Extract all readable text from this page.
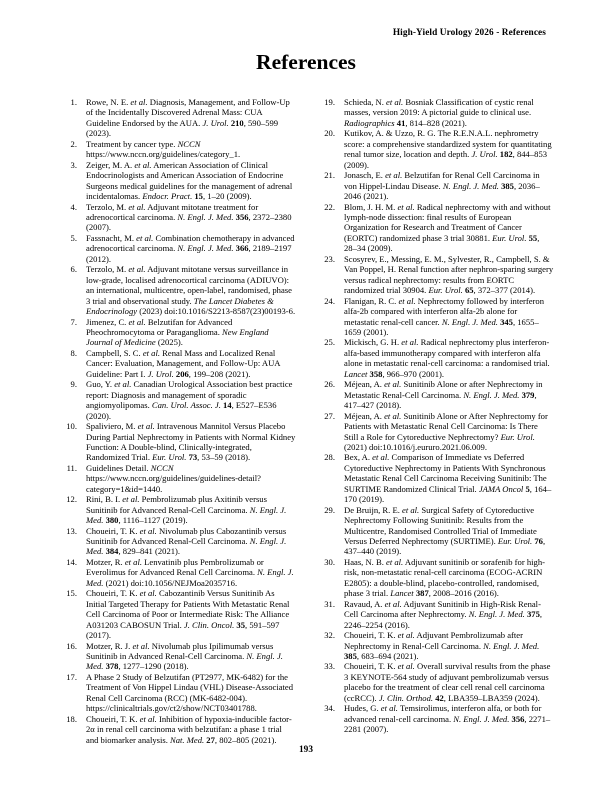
High-Yield Urology 2026 - References
References
1. Rowe, N. E. et al. Diagnosis, Management, and Follow-Up of the Incidentally Discovered Adrenal Mass: CUA Guideline Endorsed by the AUA. J. Urol. 210, 590–599 (2023).
2. Treatment by cancer type. NCCN https://www.nccn.org/guidelines/category_1.
3. Zeiger, M. A. et al. American Association of Clinical Endocrinologists and American Association of Endocrine Surgeons medical guidelines for the management of adrenal incidentalomas. Endocr. Pract. 15, 1–20 (2009).
4. Terzolo, M. et al. Adjuvant mitotane treatment for adrenocortical carcinoma. N. Engl. J. Med. 356, 2372–2380 (2007).
5. Fassnacht, M. et al. Combination chemotherapy in advanced adrenocortical carcinoma. N. Engl. J. Med. 366, 2189–2197 (2012).
6. Terzolo, M. et al. Adjuvant mitotane versus surveillance in low-grade, localised adrenocortical carcinoma (ADIUVO): an international, multicentre, open-label, randomised, phase 3 trial and observational study. The Lancet Diabetes & Endocrinology (2023) doi:10.1016/S2213-8587(23)00193-6.
7. Jimenez, C. et al. Belzutifan for Advanced Pheochromocytoma or Paraganglioma. New England Journal of Medicine (2025).
8. Campbell, S. C. et al. Renal Mass and Localized Renal Cancer: Evaluation, Management, and Follow-Up: AUA Guideline: Part I. J. Urol. 206, 199–208 (2021).
9. Guo, Y. et al. Canadian Urological Association best practice report: Diagnosis and management of sporadic angiomyolipomas. Can. Urol. Assoc. J. 14, E527–E536 (2020).
10. Spaliviero, M. et al. Intravenous Mannitol Versus Placebo During Partial Nephrectomy in Patients with Normal Kidney Function: A Double-blind, Clinically-integrated, Randomized Trial. Eur. Urol. 73, 53–59 (2018).
11. Guidelines Detail. NCCN https://www.nccn.org/guidelines/guidelines-detail?category=1&id=1440.
12. Rini, B. I. et al. Pembrolizumab plus Axitinib versus Sunitinib for Advanced Renal-Cell Carcinoma. N. Engl. J. Med. 380, 1116–1127 (2019).
13. Choueiri, T. K. et al. Nivolumab plus Cabozantinib versus Sunitinib for Advanced Renal-Cell Carcinoma. N. Engl. J. Med. 384, 829–841 (2021).
14. Motzer, R. et al. Lenvatinib plus Pembrolizumab or Everolimus for Advanced Renal Cell Carcinoma. N. Engl. J. Med. (2021) doi:10.1056/NEJMoa2035716.
15. Choueiri, T. K. et al. Cabozantinib Versus Sunitinib As Initial Targeted Therapy for Patients With Metastatic Renal Cell Carcinoma of Poor or Intermediate Risk: The Alliance A031203 CABOSUN Trial. J. Clin. Oncol. 35, 591–597 (2017).
16. Motzer, R. J. et al. Nivolumab plus Ipilimumab versus Sunitinib in Advanced Renal-Cell Carcinoma. N. Engl. J. Med. 378, 1277–1290 (2018).
17. A Phase 2 Study of Belzutifan (PT2977, MK-6482) for the Treatment of Von Hippel Lindau (VHL) Disease-Associated Renal Cell Carcinoma (RCC) (MK-6482-004). https://clinicaltrials.gov/ct2/show/NCT03401788.
18. Choueiri, T. K. et al. Inhibition of hypoxia-inducible factor-2α in renal cell carcinoma with belzutifan: a phase 1 trial and biomarker analysis. Nat. Med. 27, 802–805 (2021).
19. Schieda, N. et al. Bosniak Classification of cystic renal masses, version 2019: A pictorial guide to clinical use. Radiographics 41, 814–828 (2021).
20. Kutikov, A. & Uzzo, R. G. The R.E.N.A.L. nephrometry score: a comprehensive standardized system for quantitating renal tumor size, location and depth. J. Urol. 182, 844–853 (2009).
21. Jonasch, E. et al. Belzutifan for Renal Cell Carcinoma in von Hippel-Lindau Disease. N. Engl. J. Med. 385, 2036–2046 (2021).
22. Blom, J. H. M. et al. Radical nephrectomy with and without lymph-node dissection: final results of European Organization for Research and Treatment of Cancer (EORTC) randomized phase 3 trial 30881. Eur. Urol. 55, 28–34 (2009).
23. Scosyrev, E., Messing, E. M., Sylvester, R., Campbell, S. & Van Poppel, H. Renal function after nephron-sparing surgery versus radical nephrectomy: results from EORTC randomized trial 30904. Eur. Urol. 65, 372–377 (2014).
24. Flanigan, R. C. et al. Nephrectomy followed by interferon alfa-2b compared with interferon alfa-2b alone for metastatic renal-cell cancer. N. Engl. J. Med. 345, 1655–1659 (2001).
25. Mickisch, G. H. et al. Radical nephrectomy plus interferon-alfa-based immunotherapy compared with interferon alfa alone in metastatic renal-cell carcinoma: a randomised trial. Lancet 358, 966–970 (2001).
26. Méjean, A. et al. Sunitinib Alone or after Nephrectomy in Metastatic Renal-Cell Carcinoma. N. Engl. J. Med. 379, 417–427 (2018).
27. Méjean, A. et al. Sunitinib Alone or After Nephrectomy for Patients with Metastatic Renal Cell Carcinoma: Is There Still a Role for Cytoreductive Nephrectomy? Eur. Urol. (2021) doi:10.1016/j.eururo.2021.06.009.
28. Bex, A. et al. Comparison of Immediate vs Deferred Cytoreductive Nephrectomy in Patients With Synchronous Metastatic Renal Cell Carcinoma Receiving Sunitinib: The SURTIME Randomized Clinical Trial. JAMA Oncol 5, 164–170 (2019).
29. De Bruijn, R. E. et al. Surgical Safety of Cytoreductive Nephrectomy Following Sunitinib: Results from the Multicentre, Randomised Controlled Trial of Immediate Versus Deferred Nephrectomy (SURTIME). Eur. Urol. 76, 437–440 (2019).
30. Haas, N. B. et al. Adjuvant sunitinib or sorafenib for high-risk, non-metastatic renal-cell carcinoma (ECOG-ACRIN E2805): a double-blind, placebo-controlled, randomised, phase 3 trial. Lancet 387, 2008–2016 (2016).
31. Ravaud, A. et al. Adjuvant Sunitinib in High-Risk Renal-Cell Carcinoma after Nephrectomy. N. Engl. J. Med. 375, 2246–2254 (2016).
32. Choueiri, T. K. et al. Adjuvant Pembrolizumab after Nephrectomy in Renal-Cell Carcinoma. N. Engl. J. Med. 385, 683–694 (2021).
33. Choueiri, T. K. et al. Overall survival results from the phase 3 KEYNOTE-564 study of adjuvant pembrolizumab versus placebo for the treatment of clear cell renal cell carcinoma (ccRCC). J. Clin. Orthod. 42, LBA359–LBA359 (2024).
34. Hudes, G. et al. Temsirolimus, interferon alfa, or both for advanced renal-cell carcinoma. N. Engl. J. Med. 356, 2271–2281 (2007).
193
